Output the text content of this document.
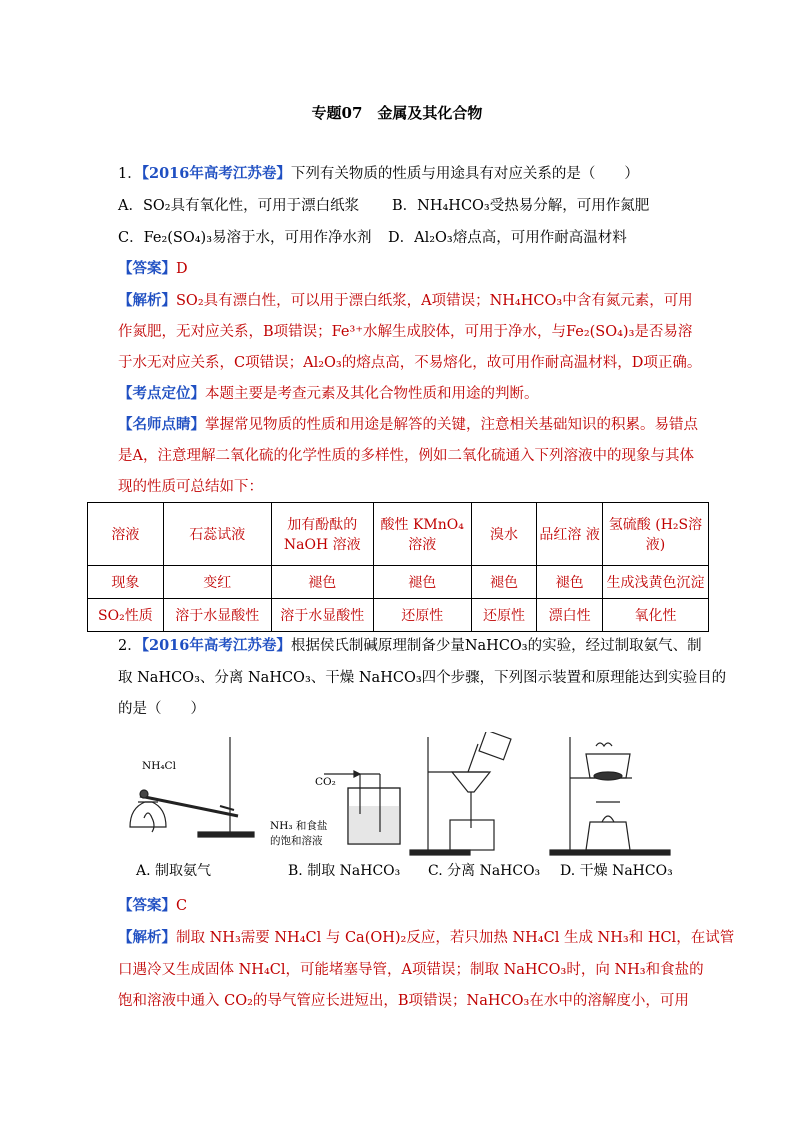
专题07　金属及其化合物
1．【2016年高考江苏卷】下列有关物质的性质与用途具有对应关系的是（　　）
A．SO₂具有氧化性，可用于漂白纸浆	B．NH₄HCO₃受热易分解，可用作氮肥
C．Fe₂(SO₄)₃易溶于水，可用作净水剂	D．Al₂O₃熔点高，可用作耐高温材料
【答案】D
【解析】SO₂具有漂白性，可以用于漂白纸浆，A项错误；NH₄HCO₃中含有氮元素，可用
作氮肥，无对应关系，B项错误；Fe³⁺水解生成胶体，可用于净水，与Fe₂(SO₄)₃是否易溶
于水无对应关系，C项错误；Al₂O₃的熔点高，不易熔化，故可用作耐高温材料，D项正确。
【考点定位】本题主要是考查元素及其化合物性质和用途的判断。
【名师点睛】掌握常见物质的性质和用途是解答的关键，注意相关基础知识的积累。易错点
是A，注意理解二氧化硫的化学性质的多样性，例如二氧化硫通入下列溶液中的现象与其体
现的性质可总结如下：
溶液	石蕊试液	加有酚酞的 NaOH 溶液	酸性 KMnO₄ 溶液	溴水	品红溶 液	氢硫酸 (H₂S溶液)
现象	变红	褪色	褪色	褪色	褪色	生成浅黄色沉淀
SO₂性质	溶于水显酸性	溶于水显酸性	还原性	还原性	漂白性	氧化性
2．【2016年高考江苏卷】根据侯氏制碱原理制备少量NaHCO₃的实验，经过制取氨气、制
取 NaHCO₃、分离 NaHCO₃、干燥 NaHCO₃四个步骤，下列图示装置和原理能达到实验目的
的是（　　）
NH₄Cl
CO₂
NH₃ 和食盐
的饱和溶液
A. 制取氨气	B. 制取 NaHCO₃ C. 分离 NaHCO₃ D. 干燥 NaHCO₃
【答案】C
【解析】制取 NH₃需要 NH₄Cl 与 Ca(OH)₂反应，若只加热 NH₄Cl 生成 NH₃和 HCl，在试管
口遇冷又生成固体 NH₄Cl，可能堵塞导管，A项错误；制取 NaHCO₃时，向 NH₃和食盐的
饱和溶液中通入 CO₂的导气管应长进短出，B项错误；NaHCO₃在水中的溶解度小，可用
